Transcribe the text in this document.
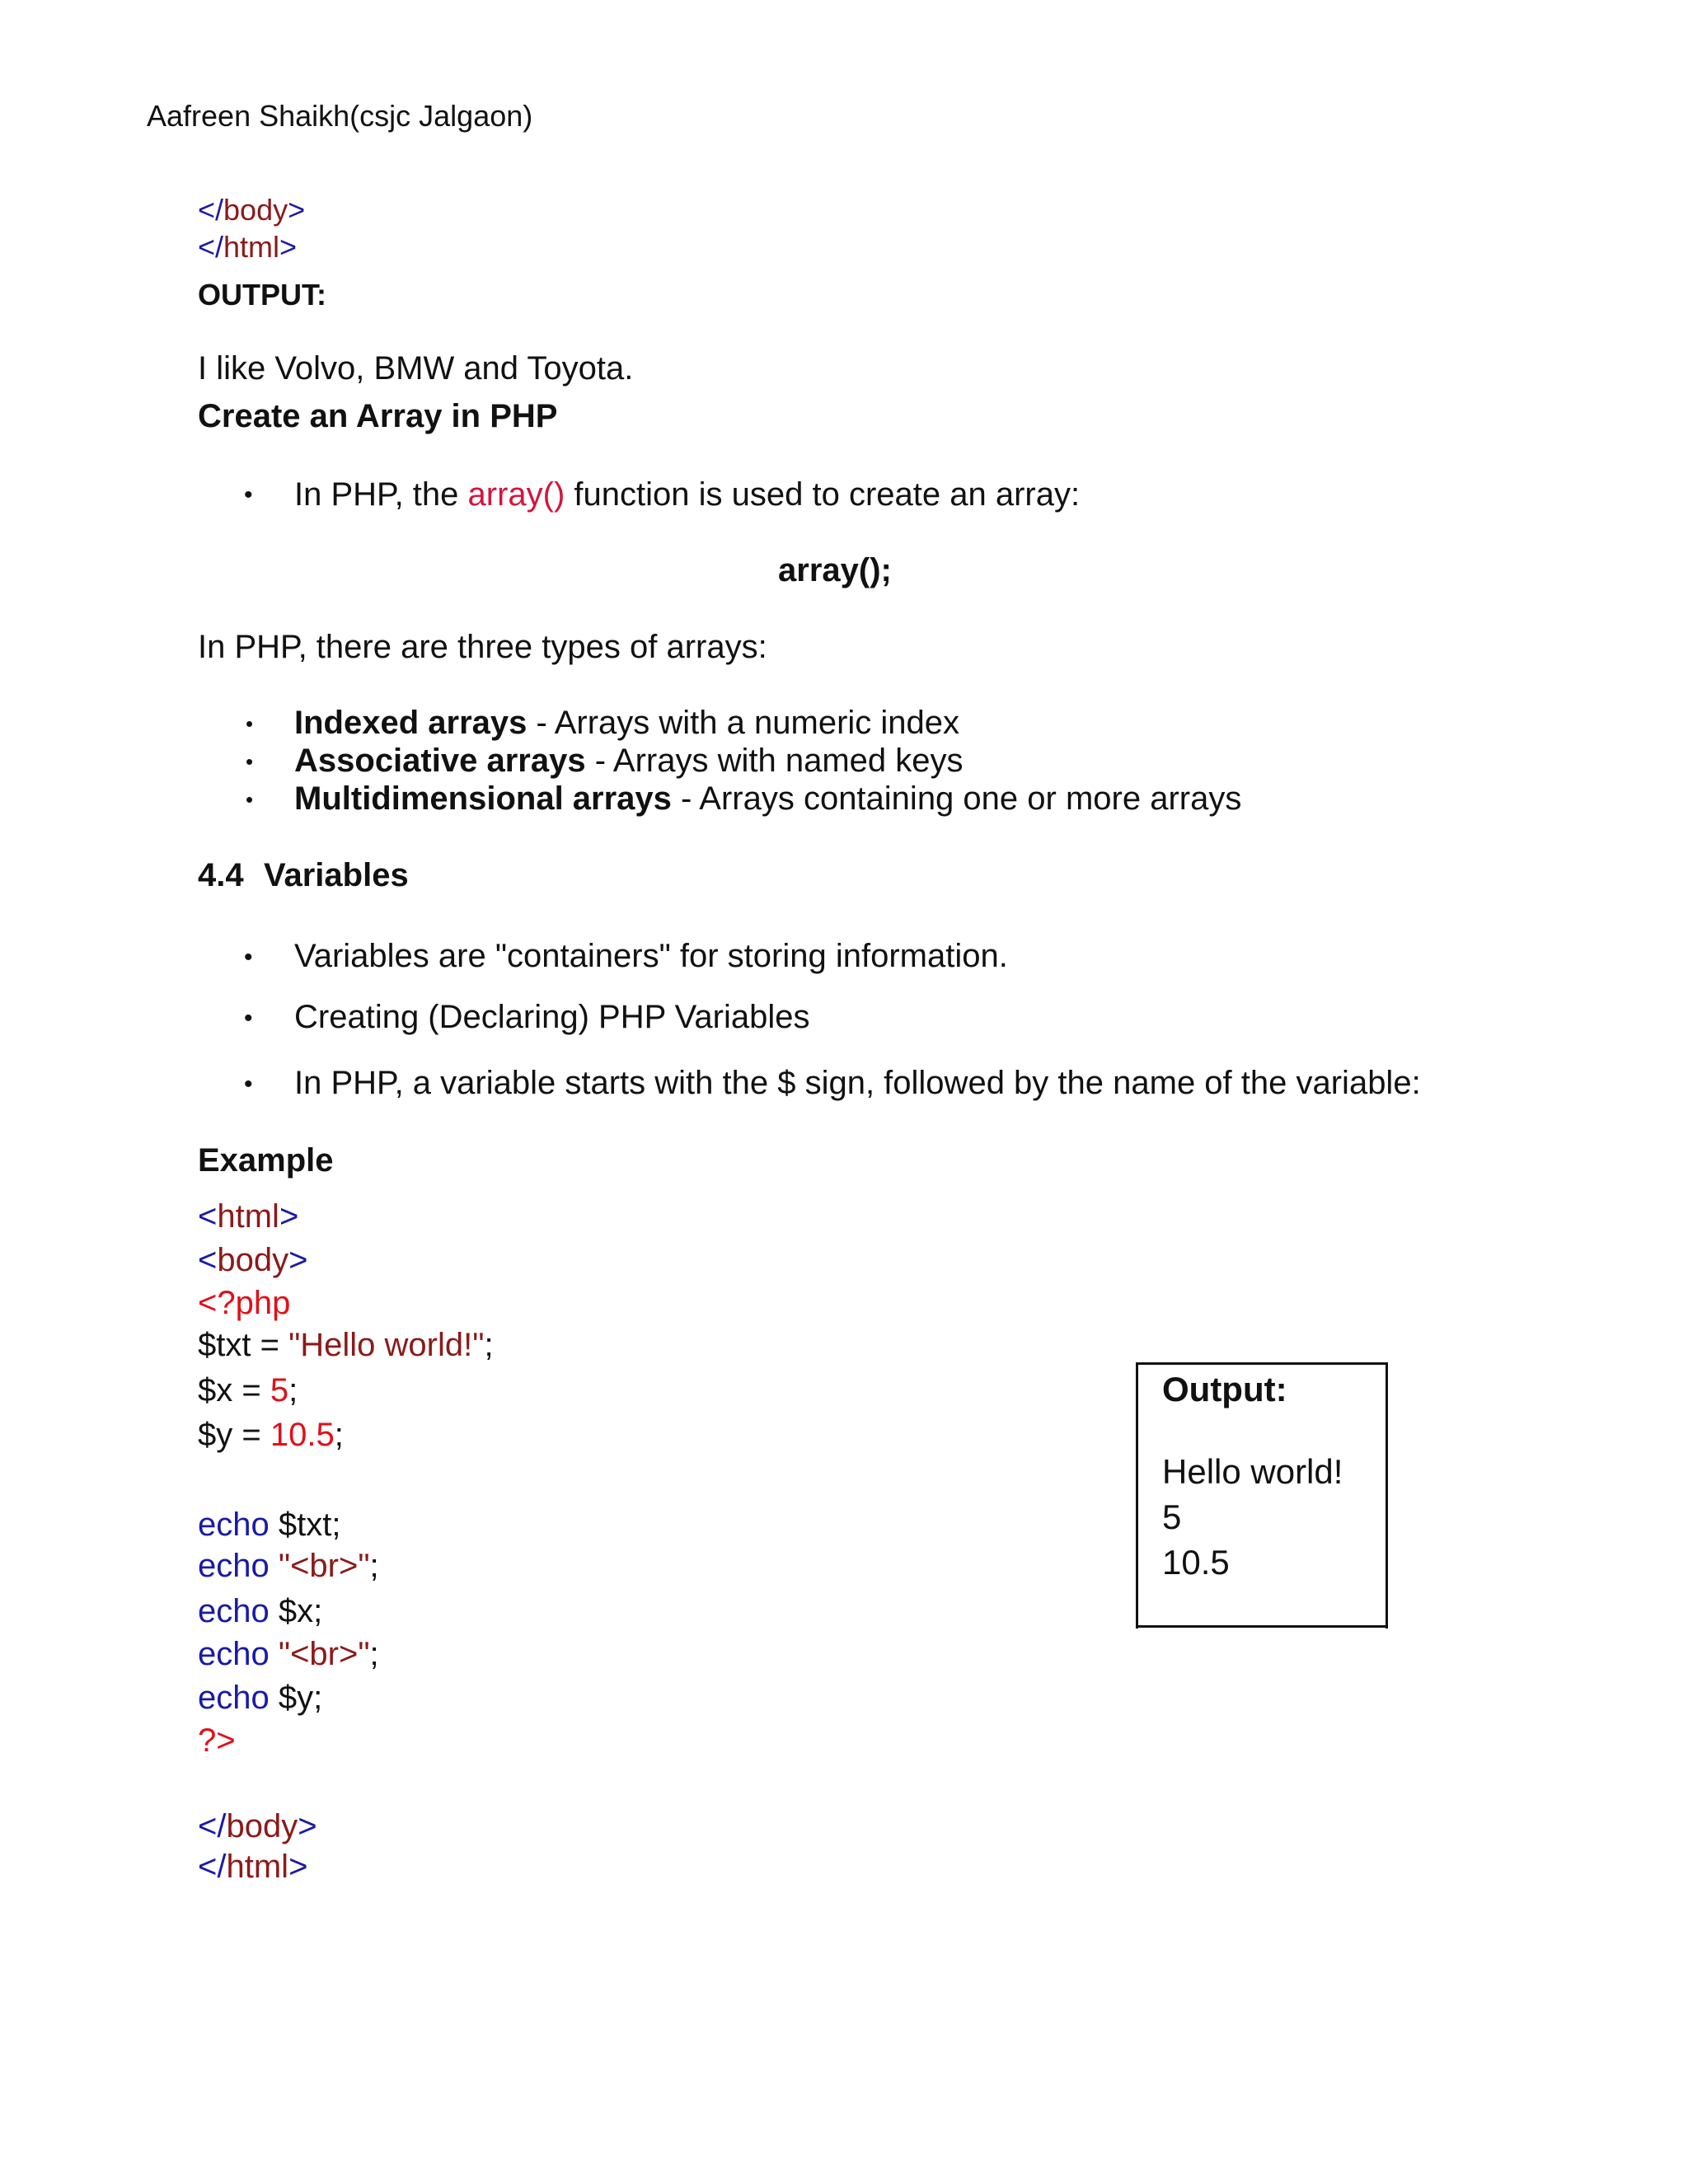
Aafreen Shaikh(csjc Jalgaon)
</body>
</html>
OUTPUT:
I like Volvo, BMW and Toyota.
Create an Array in PHP
• In PHP, the array() function is used to create an array:
array();
In PHP, there are three types of arrays:
• Indexed arrays - Arrays with a numeric index
• Associative arrays - Arrays with named keys
• Multidimensional arrays - Arrays containing one or more arrays
4.4 Variables
• Variables are "containers" for storing information.
• Creating (Declaring) PHP Variables
• In PHP, a variable starts with the $ sign, followed by the name of the variable:
Example
<html>
<body>
<?php
$txt = "Hello world!";
$x = 5;
$y = 10.5;
echo $txt;
echo "<br>";
echo $x;
echo "<br>";
echo $y;
?>
</body>
</html>
Output:
Hello world!
5
10.5
